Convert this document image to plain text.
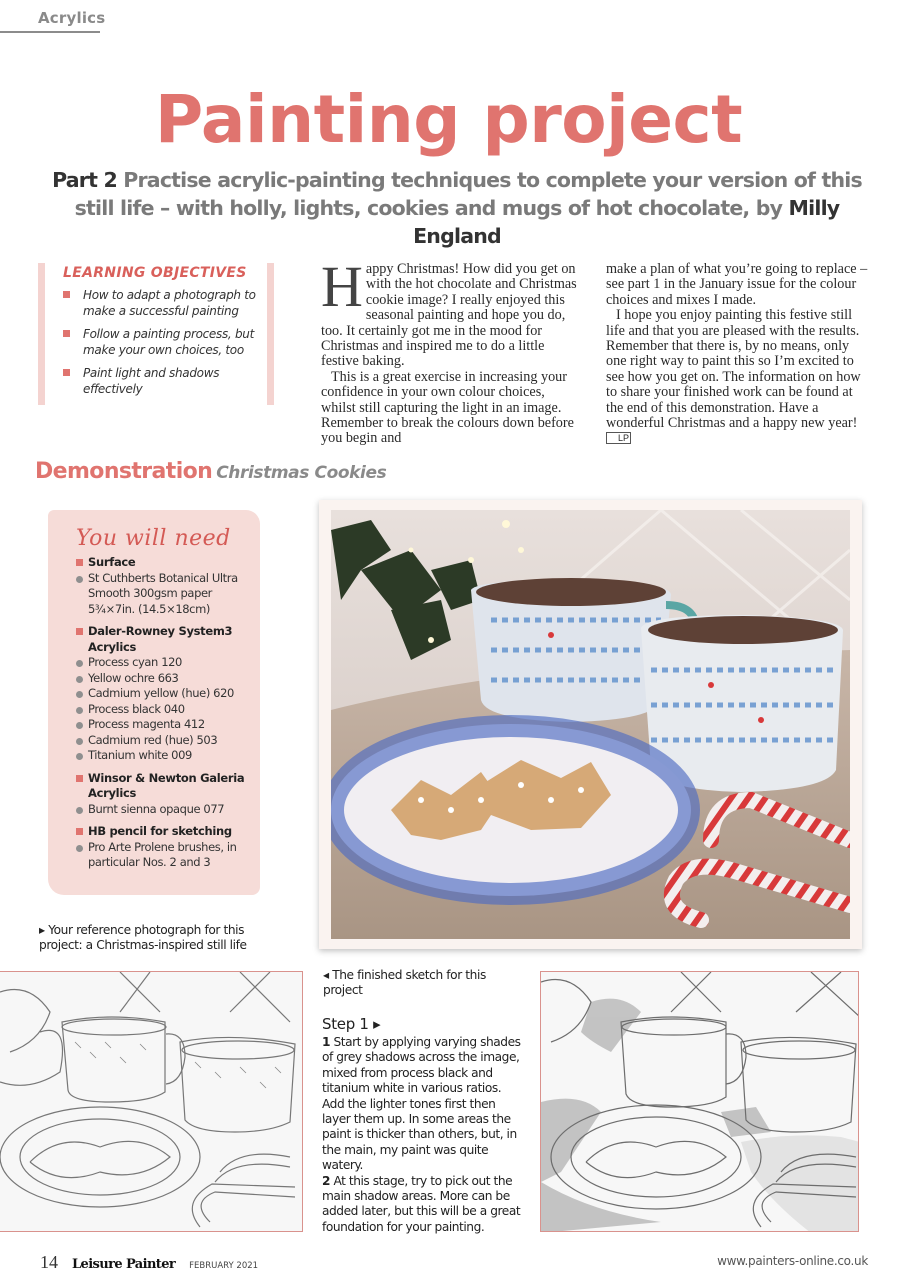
Acrylics
Painting project
Part 2 Practise acrylic-painting techniques to complete your version of this still life – with holly, lights, cookies and mugs of hot chocolate, by Milly England
LEARNING OBJECTIVES
How to adapt a photograph to make a successful painting
Follow a painting process, but make your own choices, too
Paint light and shadows effectively

Happy Christmas! How did you get on with the hot chocolate and Christmas cookie image? I really enjoyed this seasonal painting and hope you do, too. It certainly got me in the mood for Christmas and inspired me to do a little festive baking.

This is a great exercise in increasing your confidence in your own colour choices, whilst still capturing the light in an image. Remember to break the colours down before you begin and

make a plan of what you’re going to replace – see part 1 in the January issue for the colour choices and mixes I made.

I hope you enjoy painting this festive still life and that you are pleased with the results. Remember that there is, by no means, only one right way to paint this so I’m excited to see how you get on. The information on how to share your finished work can be found at the end of this demonstration. Have a wonderful Christmas and a happy new year! LP

Demonstration Christmas Cookies
You will need
Surface
St Cuthberts Botanical Ultra Smooth 300gsm paper 5¾×7in. (14.5×18cm)
Daler-Rowney System3 Acrylics
Process cyan 120
Yellow ochre 663
Cadmium yellow (hue) 620
Process black 040
Process magenta 412
Cadmium red (hue) 503
Titanium white 009
Winsor & Newton Galeria Acrylics
Burnt sienna opaque 077
HB pencil for sketching
Pro Arte Prolene brushes, in particular Nos. 2 and 3
▸ Your reference photograph for this project: a Christmas-inspired still life
◂ The finished sketch for this project
Step 1 ▸

1 Start by applying varying shades of grey shadows across the image, mixed from process black and titanium white in various ratios. Add the lighter tones first then layer them up. In some areas the paint is thicker than others, but, in the main, my paint was quite watery.
2 At this stage, try to pick out the main shadow areas. More can be added later, but this will be a great foundation for your painting.

14 Leisure Painter FEBRUARY 2021	www.painters-online.co.uk
